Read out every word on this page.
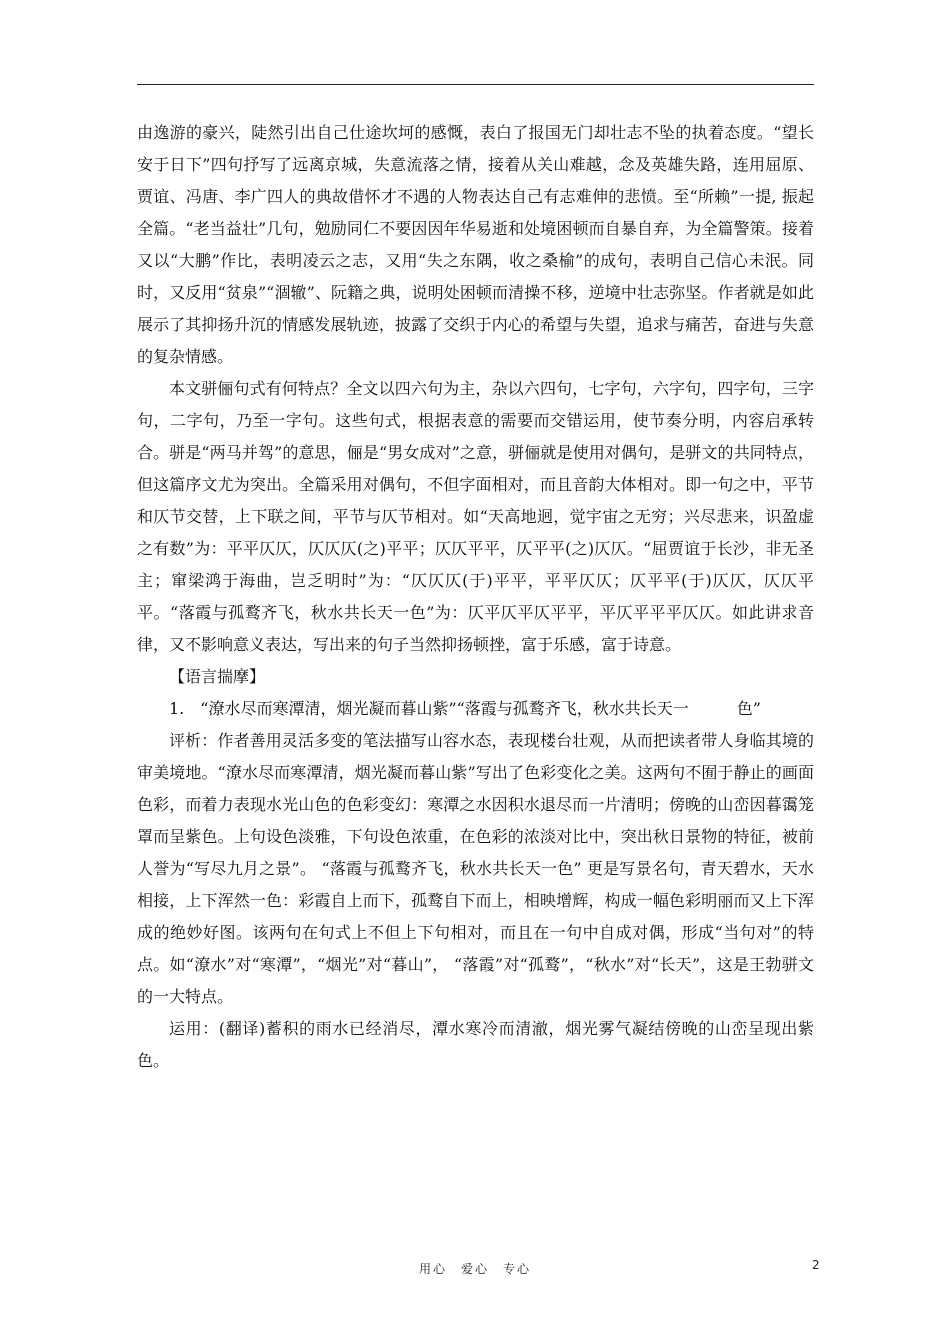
由逸游的豪兴，陡然引出自己仕途坎坷的感慨，表白了报国无门却壮志不坠的执着态度。“望长安于日下”四句抒写了远离京城，失意流落之情，接着从关山难越，念及英雄失路，连用屈原、贾谊、冯唐、李广四人的典故借怀才不遇的人物表达自己有志难伸的悲愤。至“所赖”一提, 振起全篇。“老当益壮”几句，勉励同仁不要因因年华易逝和处境困顿而自暴自弃，为全篇警策。接着又以“大鹏”作比，表明凌云之志，又用“失之东隅，收之桑榆”的成句，表明自己信心未泯。同时，又反用“贫泉”“涸辙”、阮籍之典，说明处困顿而清操不移，逆境中壮志弥坚。作者就是如此展示了其抑扬升沉的情感发展轨迹，披露了交织于内心的希望与失望，追求与痛苦，奋进与失意的复杂情感。

本文骈俪句式有何特点？全文以四六句为主，杂以六四句，七字句，六字句，四字句，三字句，二字句，乃至一字句。这些句式，根据表意的需要而交错运用，使节奏分明，内容启承转合。骈是“两马并驾”的意思，俪是“男女成对”之意，骈俪就是使用对偶句，是骈文的共同特点，但这篇序文尤为突出。全篇采用对偶句，不但字面相对，而且音韵大体相对。即一句之中，平节和仄节交替，上下联之间，平节与仄节相对。如“天高地迥，觉宇宙之无穷；兴尽悲来，识盈虚之有数”为：平平仄仄，仄仄仄(之)平平；仄仄平平，仄平平(之)仄仄。“屈贾谊于长沙，非无圣主；窜梁鸿于海曲，岂乏明时”为：“仄仄仄(于)平平，平平仄仄；仄平平(于)仄仄，仄仄平平。“落霞与孤鹜齐飞，秋水共长天一色”为：仄平仄平仄平平，平仄平平平仄仄。如此讲求音律，又不影响意义表达，写出来的句子当然抑扬顿挫，富于乐感，富于诗意。

【语言揣摩】

1.　“潦水尽而寒潭清，烟光凝而暮山紫”“落霞与孤鹜齐飞，秋水共长天一　　　色”

评析：作者善用灵活多变的笔法描写山容水态，表现楼台壮观，从而把读者带人身临其境的审美境地。“潦水尽而寒潭清，烟光凝而暮山紫”写出了色彩变化之美。这两句不囿于静止的画面色彩，而着力表现水光山色的色彩变幻：寒潭之水因积水退尽而一片清明；傍晚的山峦因暮霭笼罩而呈紫色。上句设色淡雅，下句设色浓重，在色彩的浓淡对比中，突出秋日景物的特征，被前人誉为“写尽九月之景”。 “落霞与孤鹜齐飞，秋水共长天一色” 更是写景名句，青天碧水，天水相接，上下浑然一色：彩霞自上而下，孤鹜自下而上，相映增辉，构成一幅色彩明丽而又上下浑成的绝妙好图。该两句在句式上不但上下句相对，而且在一句中自成对偶，形成“当句对”的特点。如“潦水”对“寒潭”，“烟光”对“暮山”， “落霞”对“孤鹜”，“秋水”对“长天”，这是王勃骈文的一大特点。

运用：(翻译)蓄积的雨水已经消尽，潭水寒冷而清澈，烟光雾气凝结傍晚的山峦呈现出紫色。

用心　爱心　专心	2
